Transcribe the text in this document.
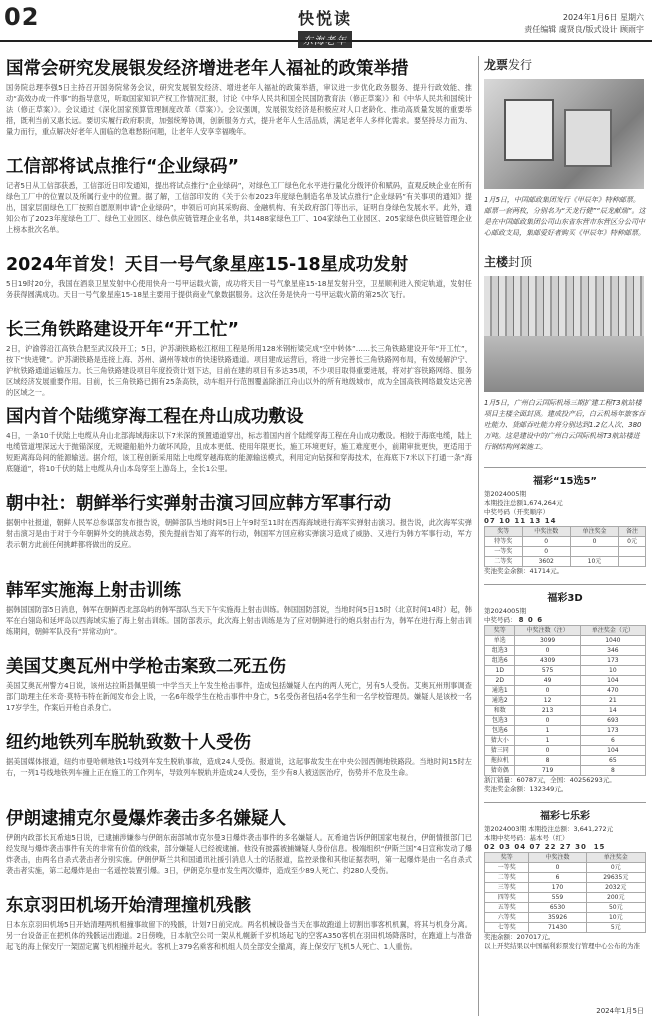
02	快悦读	2024年1月6日 星期六
责任编辑 虞贤良/版式设计 顾雨宇
国常会研究发展银发经济增进老年人福祉的政策举措

国务院总理李强5日主持召开国务院常务会议，研究发展银发经济、增进老年人福祉的政策举措，审议进一步优化政务服务、提升行政效能、推动“高效办成一件事”的指导意见，听取国家知识产权工作情况汇报，讨论《中华人民共和国全民国防教育法（修正草案）》和《中华人民共和国统计法（修正草案）》。会议通过《深化国家预算管理制度改革（草案）》。会议强调，发展银发经济是积极应对人口老龄化、推动高质量发展的重要举措，既利当前又惠长远。要切实履行政府职责，加强统筹协调，创新服务方式，提升老年人生活品质，满足老年人多样化需求。要坚持尽力而为、量力而行，重点解决好老年人面临的急难愁盼问题，让老年人安享幸福晚年。

工信部将试点推行“企业绿码”

记者5日从工信部获悉，工信部近日印发通知，提出将试点推行“企业绿码”，对绿色工厂绿色化水平进行量化分级评价和赋码，直观反映企业在所有绿色工厂中的位置以及所属行业中的位置。据了解，工信部印发的《关于公布2023年度绿色制造名单及试点推行“企业绿码”有关事项的通知》提出，国家层面绿色工厂按照自愿原则申请“企业绿码”，申领后可向其采购商、金融机构、有关政府部门等出示，证明自身绿色发展水平。此外，通知公布了2023年度绿色工厂、绿色工业园区、绿色供应链管理企业名单，共1488家绿色工厂、104家绿色工业园区、205家绿色供应链管理企业上榜本批次名单。

2024年首发！天目一号气象星座15-18星成功发射

5日19时20分，我国在酒泉卫星发射中心使用快舟一号甲运载火箭，成功将天目一号气象星座15-18星发射升空，卫星顺利进入预定轨道，发射任务获得圆满成功。天目一号气象星座15-18星主要用于提供商业气象数据服务。这次任务是快舟一号甲运载火箭的第25次飞行。

长三角铁路建设开年“开工忙”

2日，沪渝蓉沿江高铁合肥至武汉段开工；5日，沪苏湖铁路松江枢纽工程是所用128米钢桁梁完成“空中转体”……长三角铁路建设开年“开工忙”，按下“快进键”。沪苏湖铁路是连接上海、苏州、湖州等城市的快速铁路通道。项目建成运营后，将进一步完善长三角铁路网布局，有效缓解沪宁、沪杭铁路通道运输压力。长三角铁路建设项目年度投资计划下达，目前在建的项目有多达35项，不少项目取得重要进展，将对扩容铁路网络、服务区域经济发展重要作用。目前，长三角铁路已拥有25条高铁，动车组开行范围覆盖除浙江舟山以外的所有地级城市，成为全国高铁网络最发达完善的区域之一。

国内首个陆缆穿海工程在舟山成功敷设

4日，一条10千伏陆上电缆从舟山北部海域海床以下7米深的预置通道穿出，标志着国内首个陆缆穿海工程在舟山成功敷设。相较于海底电缆，陆上电缆管道埋深远大于抛锚深度，无规避船舶外力破坏风险，且成本更低、使用年限更长，施工环境更好，施工难度更小，前期审批更快，更适用于短距离海岛间的能源输送。据介绍，该工程创新采用陆上电缆穿越海底的能源输送模式，利用定向钻探和穿海技术，在海底下7米以下打通一条“海底隧道”，将10千伏的陆上电缆从舟山本岛穿至上游岛上，全长1公里。

朝中社：朝鲜举行实弹射击演习回应韩方军事行动

据朝中社报道，朝鲜人民军总参谋部发布报告说，朝鲜部队当地时间5日上午9时至11时在西海海域进行海军实弹射击演习。报告说，此次海军实弹射击演习是由于对于今年朝鲜外交的挑战态势，预先提前告知了海军的行动，韩国军方回应称实弹演习造成了威胁、又进行为韩方军事行动，军方表示朝方此前任何挑衅都将做出的反应。

韩军实施海上射击训练

据韩国国防部5日消息，韩军在朝鲜西北部岛屿的韩军部队当天下午实施海上射击训练。韩国国防部说，当地时间5日15时（北京时间14时）起，韩军在白翎岛和延坪岛以西海域实施了海上射击训练。国防部表示，此次海上射击训练是为了应对朝鲜进行的炮兵射击行为，韩军在进行海上射击训练期间，朝鲜军队没有“异常动向”。

美国艾奥瓦州中学枪击案致二死五伤

美国艾奥瓦州警方4日说，该州达拉斯县佩里镇一中学当天上午发生枪击事件，造成包括嫌疑人在内的两人死亡，另有5人受伤。艾奥瓦州刑事调查部门助理主任米奇·莫特韦特在新闻发布会上说，一名6年级学生在枪击事件中身亡，5名受伤者包括4名学生和一名学校管理员。嫌疑人是该校一名17岁学生，作案后开枪自杀身亡。

纽约地铁列车脱轨致数十人受伤

据美国媒体报道，纽约市曼哈顿地铁1号线列车发生脱轨事故，造成24人受伤。报道说，这起事故发生在中央公园西侧地铁路段。当地时间15时左右，一列1号线地铁列车撞上正在施工的工作列车，导致列车脱轨并造成24人受伤，至少有8人被送医治疗，伤势并不危及生命。

伊朗逮捕克尔曼爆炸袭击多名嫌疑人

伊朗内政部长瓦希迪5日说，已逮捕涉嫌参与伊朗东南部城市克尔曼3日爆炸袭击事件的多名嫌疑人。瓦希迪告诉伊朗国家电视台，伊朗情报部门已经发现与爆炸袭击事件有关的非常有价值的线索，部分嫌疑人已经被逮捕。他没有披露被捕嫌疑人身份信息。极端组织“伊斯兰国”4日宣称发动了爆炸袭击，由两名自杀式袭击者分别实施。伊朗伊斯兰共和国通讯社援引消息人士的话报道，监控录像和其他证据表明，第一起爆炸是由一名自杀式袭击者实施，第二起爆炸是由一名遥控装置引爆。3日，伊朗克尔曼市发生两次爆炸，造成至少89人死亡、约280人受伤。

东京羽田机场开始清理撞机残骸

日本东京羽田机场5日开始清理两机相撞事故留下的残骸，计划7日前完成。两名机械设备当天在事故跑道上切割出事客机机翼，将其与机身分离。另一台设备正在把机体的残骸运出跑道。2日傍晚，日本航空公司一架从札幌新千岁机场起飞的空客A350客机在羽田机场降落时，在跑道上与准备起飞的海上保安厅一架固定翼飞机相撞并起火。客机上379名乘客和机组人员全部安全撤离，海上保安厅飞机5人死亡、1人重伤。

龙票发行
1月5日，中国邮政集团发行《甲辰年》特种邮票。邮票一套两枚，分别名为“天龙行健”“辰龙献瑞”。这是在中国邮政集团公司山东省东营市东营区分公司中心邮政支局，集邮爱好者购买《甲辰年》特种邮票。
主楼封顶
1月5日，广州白云国际机场三期扩建工程T3航站楼项目主楼全面封顶。建成投产后，白云机场年旅客吞吐能力、货邮吞吐能力将分别达到1.2亿人次、380万吨。这是建设中的广州白云国际机场T3航站楼进行钢结构网架施工。
福彩“15选5”
第2024005期
本期投注总额1,674,264元
中奖号码（开奖顺序）
07 10 11 13 14
奖等	中奖注数	单注奖金	备注
特等奖	0	0	0元
一等奖	0		
二等奖	3602	10元	
奖池奖金余额：41714元。
福彩3D
第2024005期
中奖号码： 8 0 6
奖等	中奖注数（注）	单注奖金（元）
单选	3099	1040
组选3	0	346
组选6	4309	173
1D	575	10
2D	49	104
通选1	0	470
通选2	12	21
和数	213	14
包选3	0	693
包选6	1	173
猜大小	1	6
猜三同	0	104
拖拉机	8	65
猜奇偶	719	8
浙江销量：60787元，全国：40256293元。
奖池奖金余额：132349元。
福彩七乐彩
第2024003期 本期投注总额：3,641,272元
本期中奖号码：基本号（红）
02 03 04 07 22 27 30 15
奖等	中奖注数	单注奖金
一等奖	0	0元
二等奖	6	29635元
三等奖	170	2032元
四等奖	559	200元
五等奖	6530	50元
六等奖	35926	10元
七等奖	71430	5元
奖池余额：207017元。
以上开奖结果以中国福利彩票发行管理中心公布的为准
2024年1月5日
